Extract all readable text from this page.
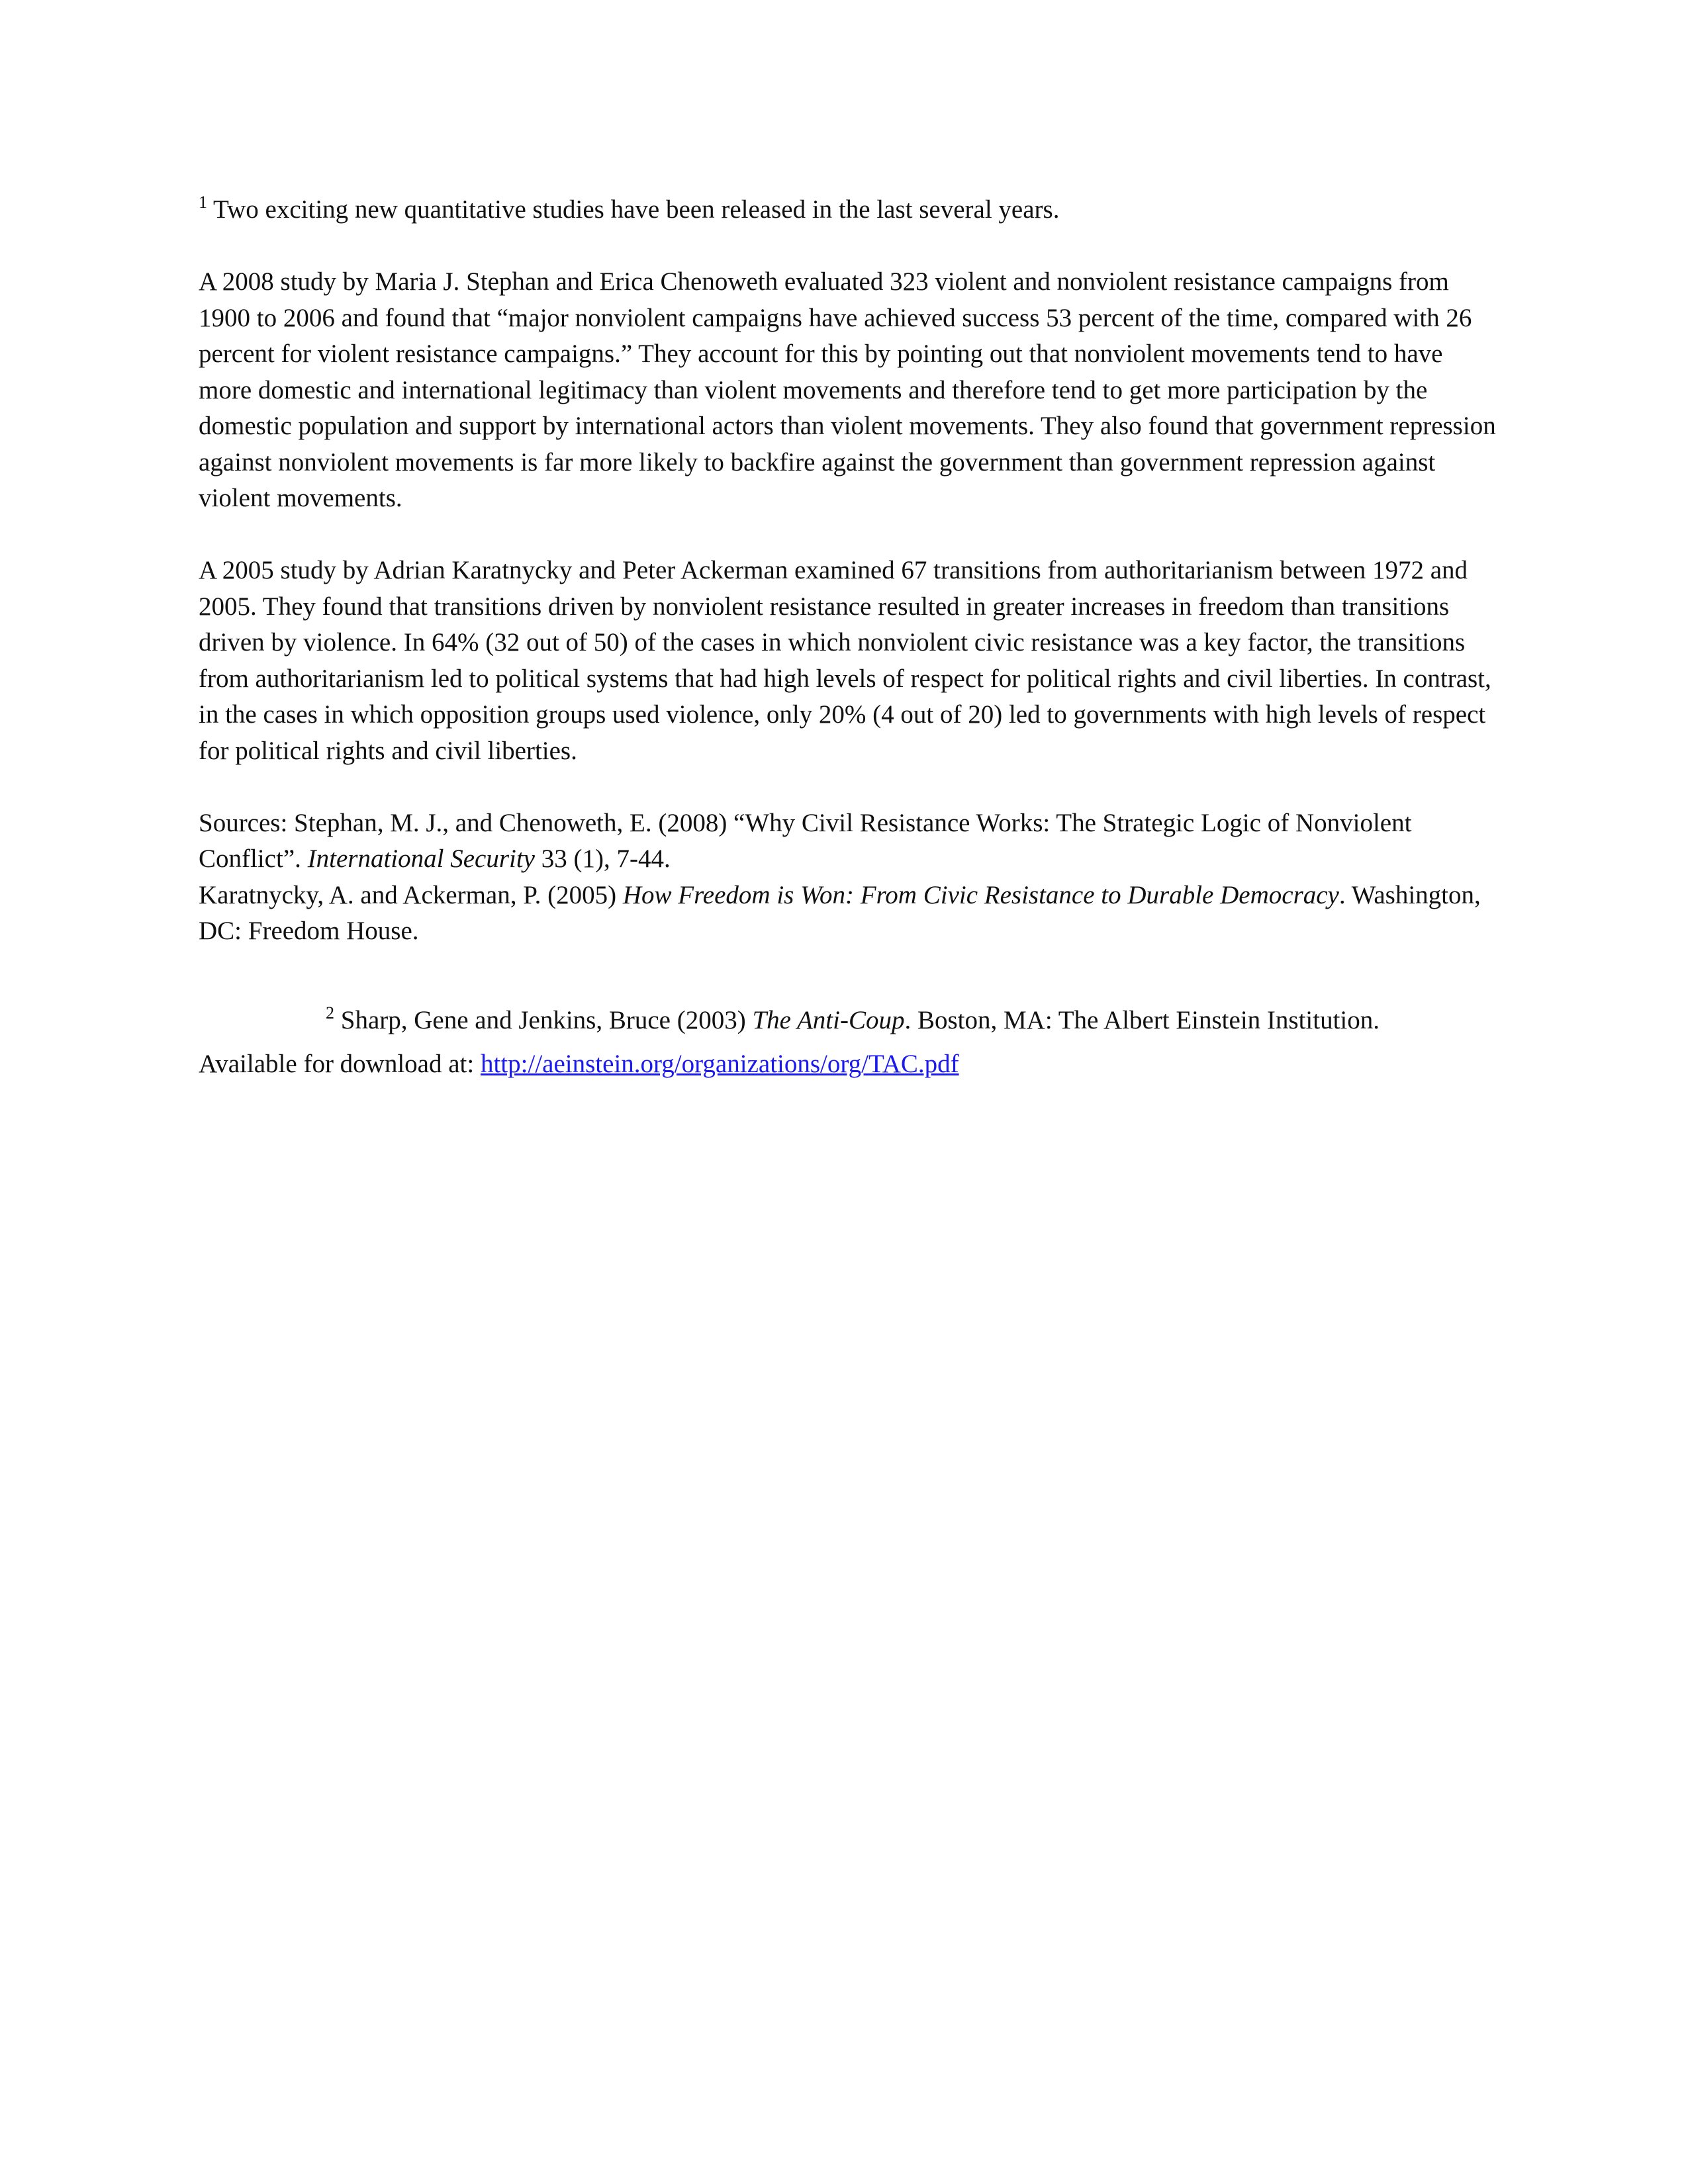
$^1$ Two exciting new quantitative studies have been released in the last several years.

A 2008 study by Maria J. Stephan and Erica Chenoweth evaluated 323 violent and nonviolent resistance campaigns from 1900 to 2006 and found that “major nonviolent campaigns have achieved success 53 percent of the time, compared with 26 percent for violent resistance campaigns.” They account for this by pointing out that nonviolent movements tend to have more domestic and international legitimacy than violent movements and therefore tend to get more participation by the domestic population and support by international actors than violent movements. They also found that government repression against nonviolent movements is far more likely to backfire against the government than government repression against violent movements.

A 2005 study by Adrian Karatnycky and Peter Ackerman examined 67 transitions from authoritarianism between 1972 and 2005. They found that transitions driven by nonviolent resistance resulted in greater increases in freedom than transitions driven by violence. In 64% (32 out of 50) of the cases in which nonviolent civic resistance was a key factor, the transitions from authoritarianism led to political systems that had high levels of respect for political rights and civil liberties. In contrast, in the cases in which opposition groups used violence, only 20% (4 out of 20) led to governments with high levels of respect for political rights and civil liberties.

Sources: Stephan, M. J., and Chenoweth, E. (2008) “Why Civil Resistance Works: The Strategic Logic of Nonviolent Conflict”. International Security 33 (1), 7-44.
Karatnycky, A. and Ackerman, P. (2005) How Freedom is Won: From Civic Resistance to Durable Democracy. Washington, DC: Freedom House.

$^2$ Sharp, Gene and Jenkins, Bruce (2003) The Anti-Coup. Boston, MA: The Albert Einstein Institution.

Available for download at: http://aeinstein.org/organizations/org/TAC.pdf
